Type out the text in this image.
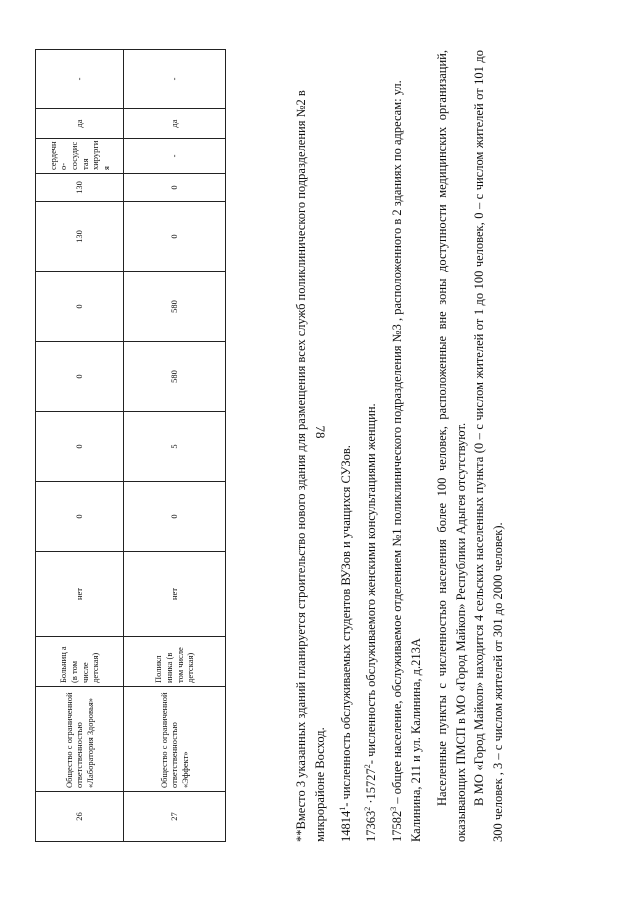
78
26	Общество с ограниченной ответственностью «Лаборатория Здоровья»	Больниц а (в том числе детская)	нет	0	0	0	0	130	130	сердечн о-сосудис тая хирурги я	да	-
27	Общество с ограниченной ответственностью «Эффект»	Поликл иника (в том числе детская)	нет	0	5	580	580	0	0	-	да	-

**Вместо 3 указанных зданий планируется строительство нового здания для размещения всех служб поликлинического подразделения №2 в микрорайоне Восход. 14814$^1$- численность обслуживаемых студентов ВУЗов и учащихся СУЗов.

$17363^2 \cdot 15727^2-$ численность обслуживаемого женскими консультациями женщин.

17582$^3$ – общее население, обслуживаемое отделением №1 поликлинического подразделения №3 , расположенного в 2 зданиях по адресам: ул. Калинина, 211 и ул. Калинина, д.213А Населенные пункты с численностью населения более 100 человек, расположенные вне зоны доступности медицинских организаций, оказывающих ПМСП в МО «Город Майкоп» Республики Адыгея отсутствуют. В МО «Город Майкоп» находится 4 сельских населенных пункта (0 – с числом жителей от 1 до 100 человек, 0 – с числом жителей от 101 до 300 человек , 3 – с числом жителей от 301 до 2000 человек).
